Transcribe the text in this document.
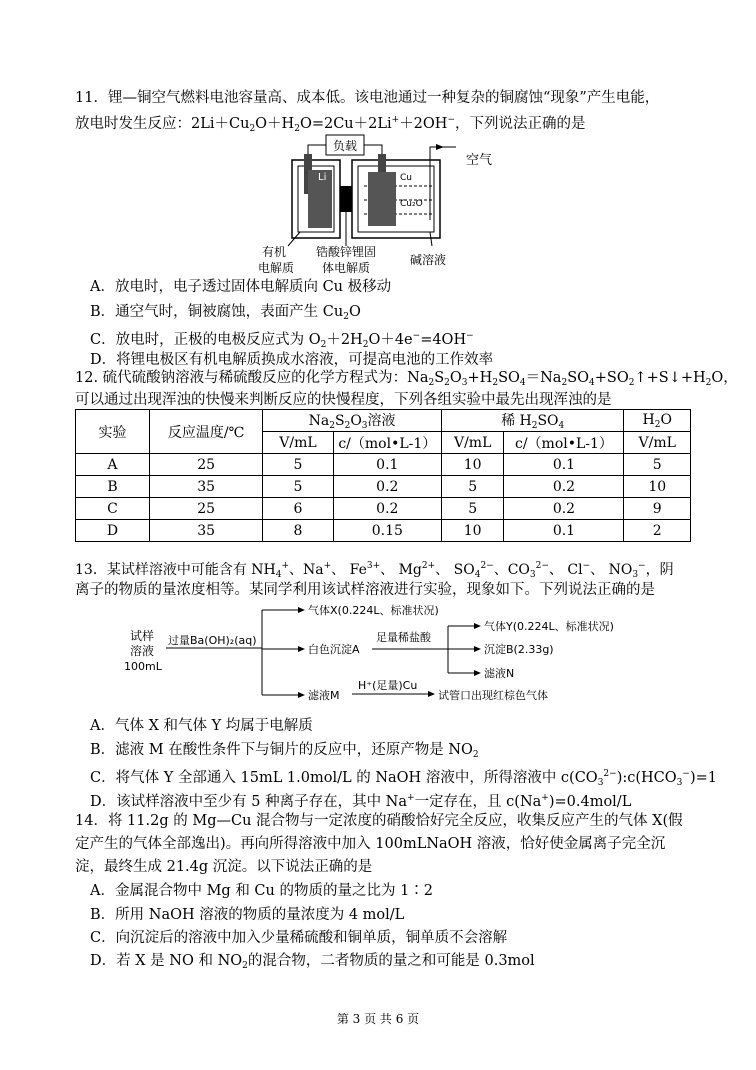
11．锂—铜空气燃料电池容量高、成本低。该电池通过一种复杂的铜腐蚀“现象”产生电能，
放电时发生反应：$2Li+Cu_2O+H_2O=2Cu+2Li^++2OH^-$，下列说法正确的是
负载
空气
Li	Cu
Cu₂O
有机
电解质
锆酸锌锂固
体电解质
碱溶液
A．放电时，电子透过固体电解质向 Cu 极移动
B．通空气时，铜被腐蚀，表面产生 $Cu_2O$
C．放电时，正极的电极反应式为 $O_2+2H_2O+4e^-=4OH^-$
D．将锂电极区有机电解质换成水溶液，可提高电池的工作效率
12. 硫代硫酸钠溶液与稀硫酸反应的化学方程式为：$Na_2S_2O_3+H_2SO_4=Na_2SO_4+SO_2↑+S↓+H_2O$，
可以通过出现浑浊的快慢来判断反应的快慢程度，下列各组实验中最先出现浑浊的是
实验	反应温度/℃	$Na_2S_2O_3$溶液		稀 $H_2SO_4$		$H_2O$
		V/mL	c/（mol•L-1）	V/mL	c/（mol•L-1）	V/mL
A	25	5	0.1	10	0.1	5
B	35	5	0.2	5	0.2	10
C	25	6	0.2	5	0.2	9
D	35	8	0.15	10	0.1	2
13．某试样溶液中可能含有 $NH_4^+$、Na+、 $Fe^{3+}$、 $Mg^{2+}$、 $SO_4^{2-}$、$CO_3^{2-}$、 Cl−、 $NO_3^-$，阴
离子的物质的量浓度相等。某同学利用该试样溶液进行实验，现象如下。下列说法正确的是
试样
溶液
100mL
过量Ba(OH)₂(aq)
气体X(0.224L、标准状况)
白色沉淀A
足量稀盐酸
气体Y(0.224L、标准状况)
沉淀B(2.33g)
滤液N
滤液M
H⁺(足量)Cu
试管口出现红棕色气体
A．气体 X 和气体 Y 均属于电解质
B．滤液 M 在酸性条件下与铜片的反应中，还原产物是 $NO_2$
C．将气体 Y 全部通入 15mL 1.0mol/L 的 NaOH 溶液中，所得溶液中 $c(CO_3^{2-}):c(HCO_3^-)=1$
D．该试样溶液中至少有 5 种离子存在，其中 Na+一定存在，且 c(Na+)=0.4mol/L
14．将 11.2g 的 Mg—Cu 混合物与一定浓度的硝酸恰好完全反应，收集反应产生的气体 X(假
定产生的气体全部逸出)。再向所得溶液中加入 100mLNaOH 溶液，恰好使金属离子完全沉
淀，最终生成 21.4g 沉淀。以下说法正确的是
A．金属混合物中 Mg 和 Cu 的物质的量之比为 1∶2
B．所用 NaOH 溶液的物质的量浓度为 4 mol/L
C．向沉淀后的溶液中加入少量稀硫酸和铜单质，铜单质不会溶解
D．若 X 是 NO 和 $NO_2$的混合物，二者物质的量之和可能是 0.3mol
第 3 页 共 6 页
